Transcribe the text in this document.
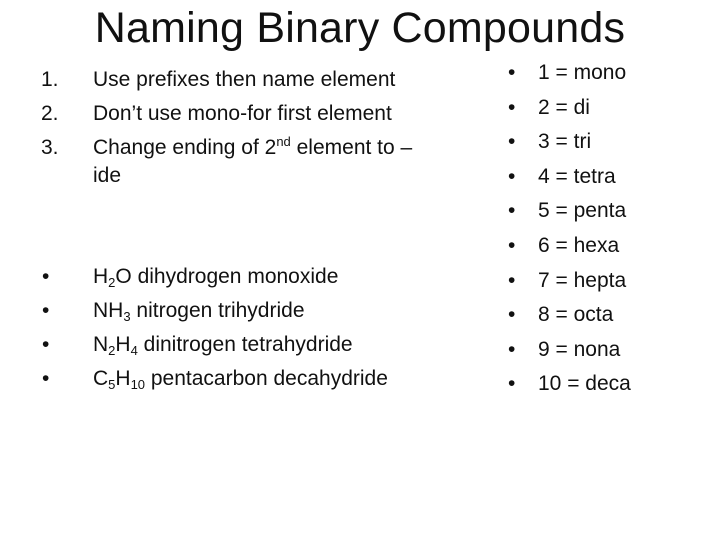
Naming Binary Compounds
1. Use prefixes then name element
2. Don’t use mono-for first element
3. Change ending of 2nd element to –
ide
• $H_2O$ dihydrogen monoxide
• $NH_3$ nitrogen trihydride
• $N_2H_4$ dinitrogen tetrahydride
• $C_5H_{10}$ pentacarbon decahydride
• 1 = mono
• 2 = di
• 3 = tri
• 4 = tetra
• 5 = penta
• 6 = hexa
• 7 = hepta
• 8 = octa
• 9 = nona
• 10 = deca
